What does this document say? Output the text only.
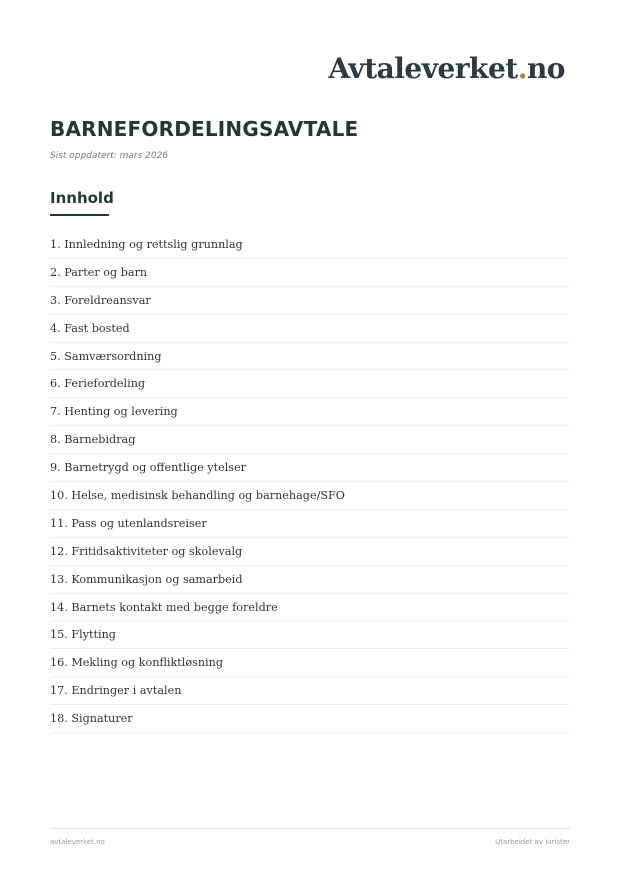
Avtaleverket.no
BARNEFORDELINGSAVTALE
Sist oppdatert: mars 2026
Innhold
1. Innledning og rettslig grunnlag
2. Parter og barn
3. Foreldreansvar
4. Fast bosted
5. Samværsordning
6. Feriefordeling
7. Henting og levering
8. Barnebidrag
9. Barnetrygd og offentlige ytelser
10. Helse, medisinsk behandling og barnehage/SFO
11. Pass og utenlandsreiser
12. Fritidsaktiviteter og skolevalg
13. Kommunikasjon og samarbeid
14. Barnets kontakt med begge foreldre
15. Flytting
16. Mekling og konfliktløsning
17. Endringer i avtalen
18. Signaturer
avtaleverket.no	Utarbeidet av jurister
